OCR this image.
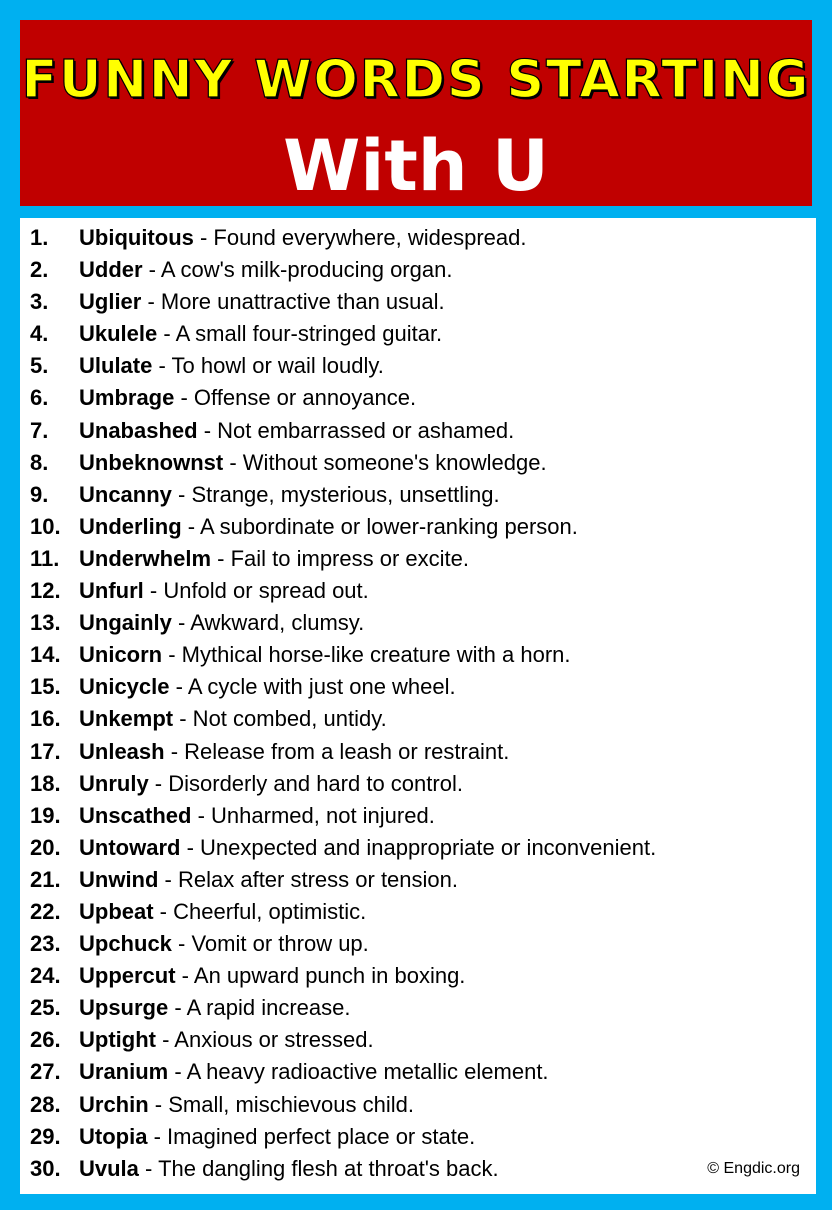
FUNNY WORDS STARTING
With U
1. Ubiquitous - Found everywhere, widespread.
2. Udder - A cow's milk-producing organ.
3. Uglier - More unattractive than usual.
4. Ukulele - A small four-stringed guitar.
5. Ululate - To howl or wail loudly.
6. Umbrage - Offense or annoyance.
7. Unabashed - Not embarrassed or ashamed.
8. Unbeknownst - Without someone's knowledge.
9. Uncanny - Strange, mysterious, unsettling.
10. Underling - A subordinate or lower-ranking person.
11. Underwhelm - Fail to impress or excite.
12. Unfurl - Unfold or spread out.
13. Ungainly - Awkward, clumsy.
14. Unicorn - Mythical horse-like creature with a horn.
15. Unicycle - A cycle with just one wheel.
16. Unkempt - Not combed, untidy.
17. Unleash - Release from a leash or restraint.
18. Unruly - Disorderly and hard to control.
19. Unscathed - Unharmed, not injured.
20. Untoward - Unexpected and inappropriate or inconvenient.
21. Unwind - Relax after stress or tension.
22. Upbeat - Cheerful, optimistic.
23. Upchuck - Vomit or throw up.
24. Uppercut - An upward punch in boxing.
25. Upsurge - A rapid increase.
26. Uptight - Anxious or stressed.
27. Uranium - A heavy radioactive metallic element.
28. Urchin - Small, mischievous child.
29. Utopia - Imagined perfect place or state.
30. Uvula - The dangling flesh at throat's back.	© Engdic.org
